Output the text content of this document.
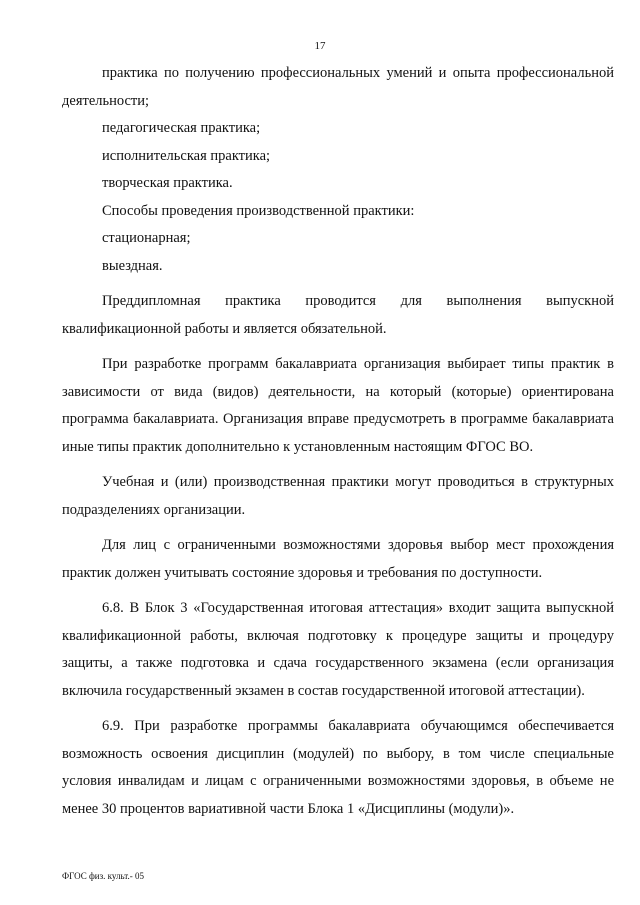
17

практика по получению профессиональных умений и опыта профессиональной деятельности;

педагогическая практика;

исполнительская практика;

творческая практика.

Способы проведения производственной практики:

стационарная;

выездная.

Преддипломная практика проводится для выполнения выпускной квалификационной работы и является обязательной.

При разработке программ бакалавриата организация выбирает типы практик в зависимости от вида (видов) деятельности, на который (которые) ориентирована программа бакалавриата. Организация вправе предусмотреть в программе бакалавриата иные типы практик дополнительно к установленным настоящим ФГОС ВО.

Учебная и (или) производственная практики могут проводиться в структурных подразделениях организации.

Для лиц с ограниченными возможностями здоровья выбор мест прохождения практик должен учитывать состояние здоровья и требования по доступности.

6.8. В Блок 3 «Государственная итоговая аттестация» входит защита выпускной квалификационной работы, включая подготовку к процедуре защиты и процедуру защиты, а также подготовка и сдача государственного экзамена (если организация включила государственный экзамен в состав государственной итоговой аттестации).

6.9. При разработке программы бакалавриата обучающимся обеспечивается возможность освоения дисциплин (модулей) по выбору, в том числе специальные условия инвалидам и лицам с ограниченными возможностями здоровья, в объеме не менее 30 процентов вариативной части Блока 1 «Дисциплины (модули)».

ФГОС физ. культ.- 05
